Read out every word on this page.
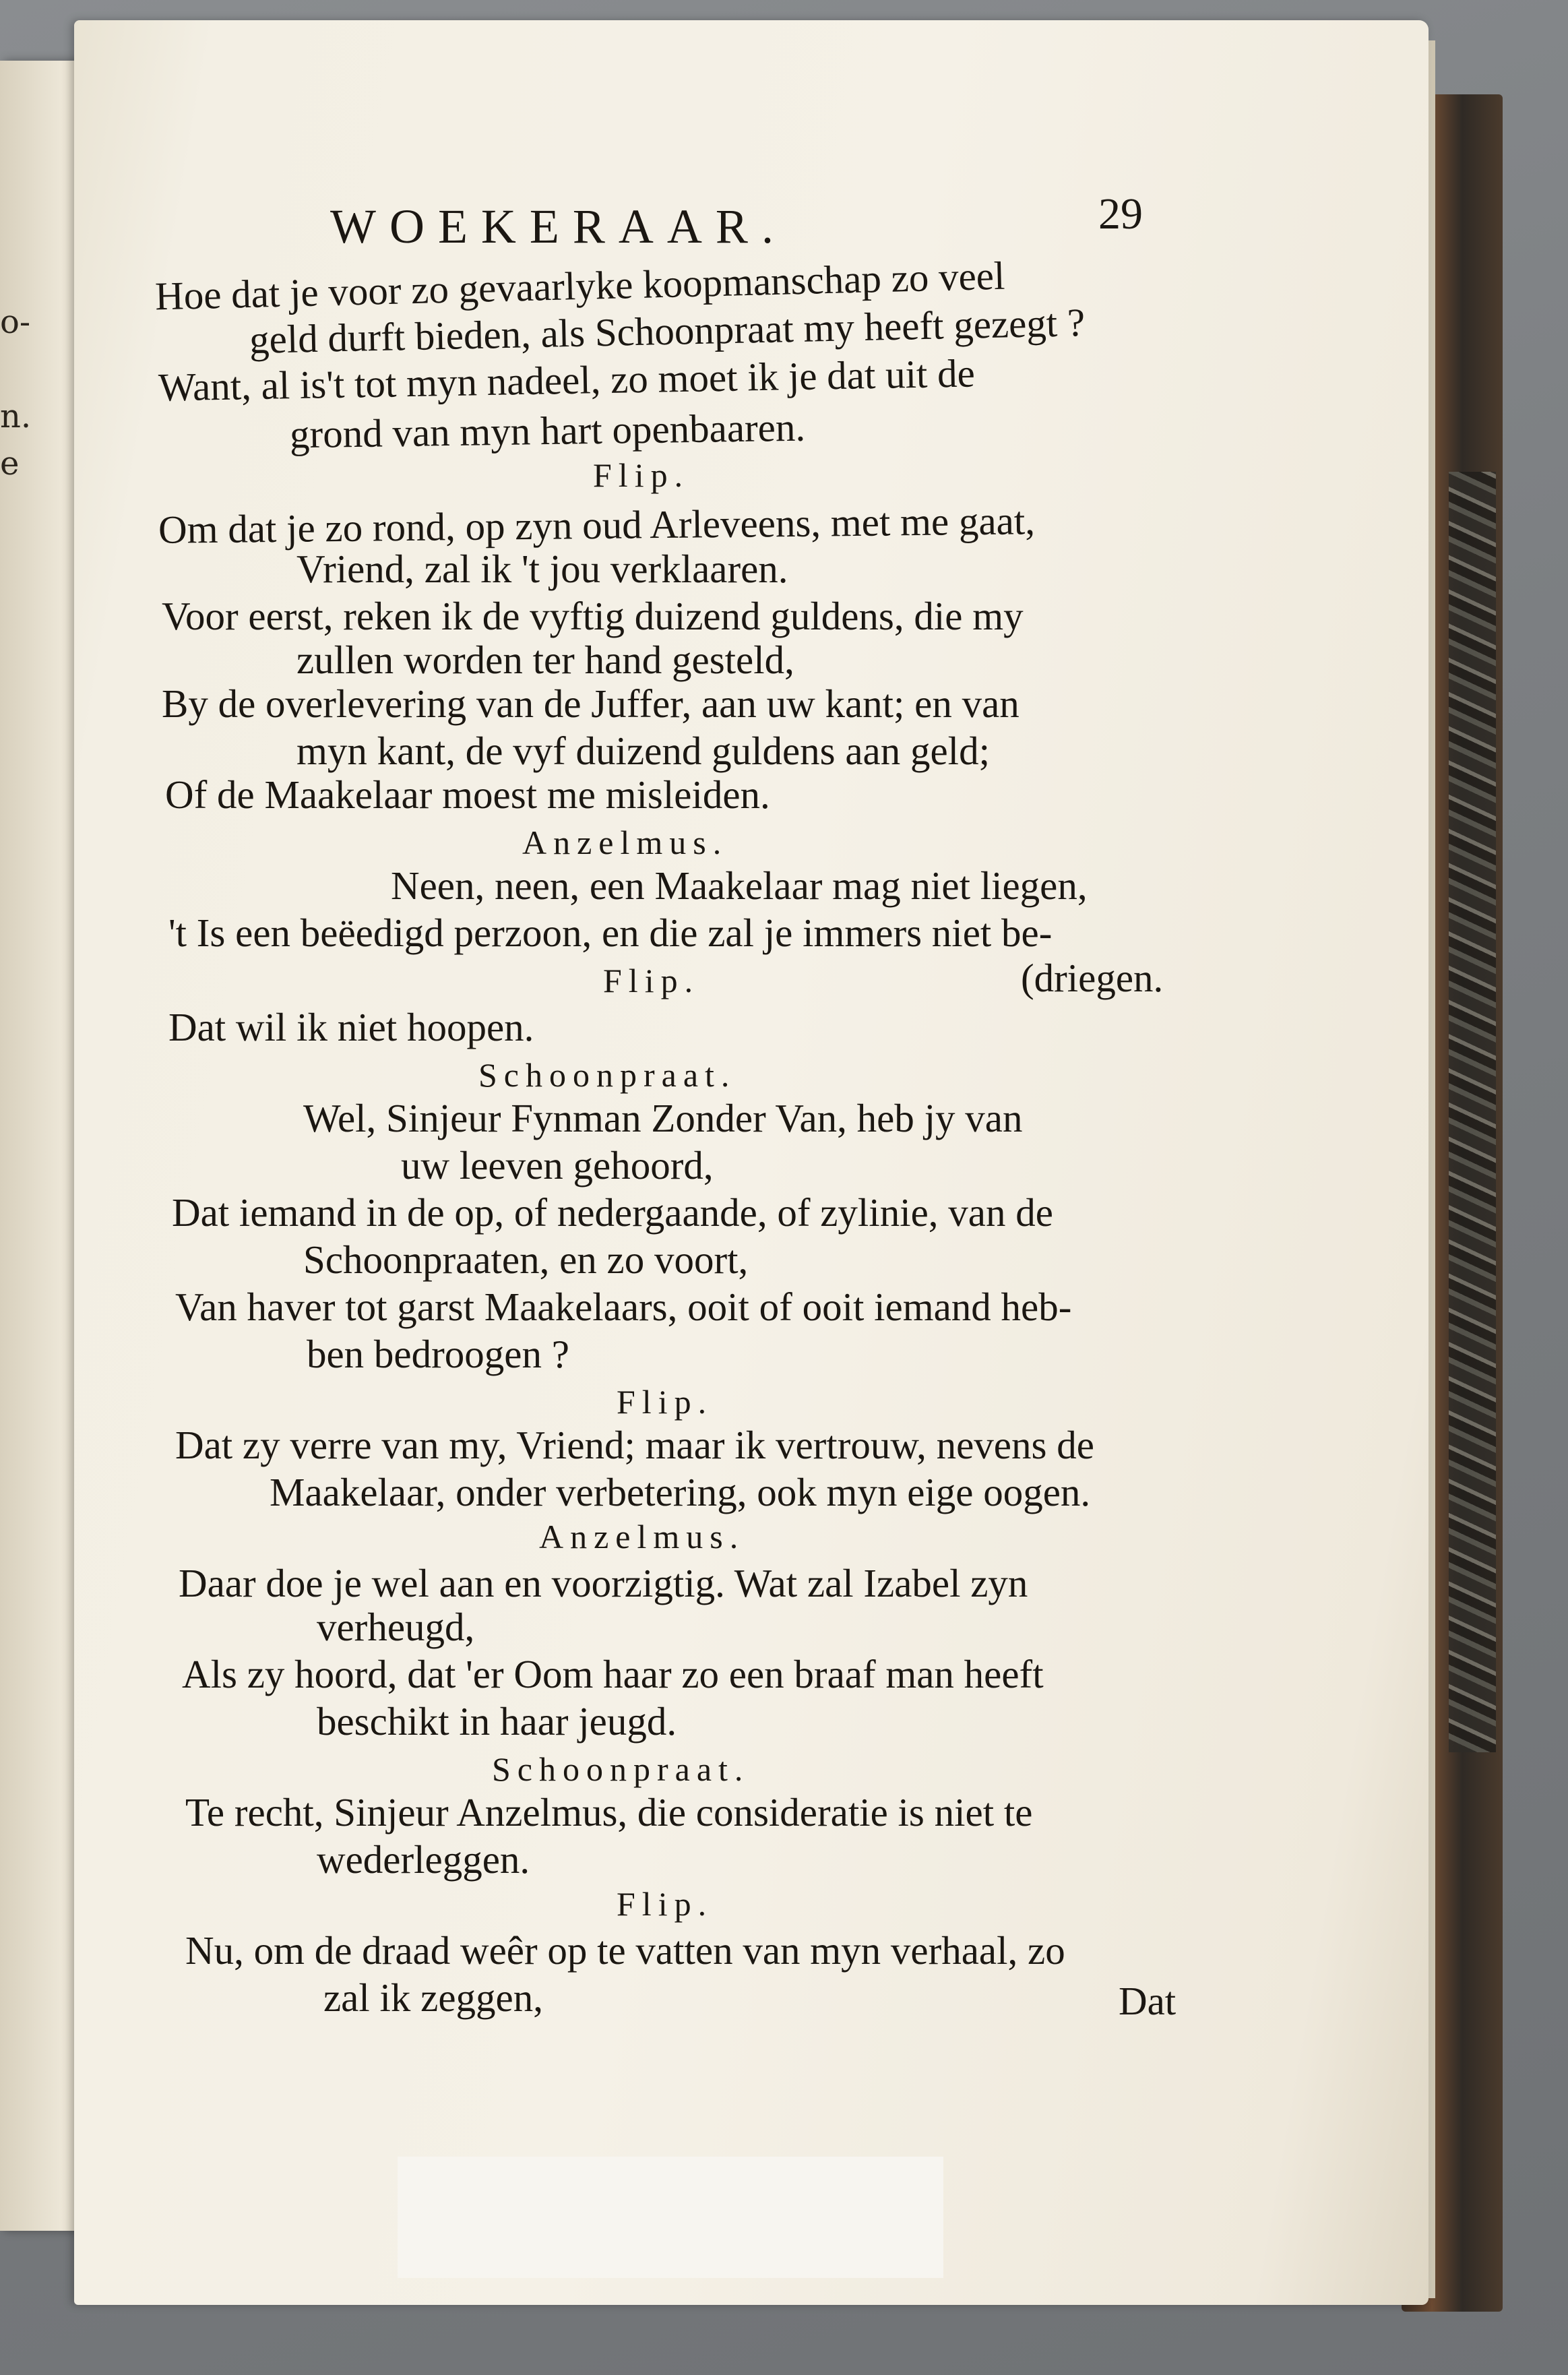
o-
n.
e
WOEKERAAR.	29
Hoe dat je voor zo gevaarlyke koopmanschap zo veel
geld durft bieden, als Schoonpraat my heeft gezegt ?
Want, al is't tot myn nadeel, zo moet ik je dat uit de
grond van myn hart openbaaren.
Flip.
Om dat je zo rond, op zyn oud Arleveens, met me gaat,
Vriend, zal ik 't jou verklaaren.
Voor eerst, reken ik de vyftig duizend guldens, die my
zullen worden ter hand gesteld,
By de overlevering van de Juffer, aan uw kant; en van
myn kant, de vyf duizend guldens aan geld;
Of de Maakelaar moest me misleiden.
Anzelmus.
Neen, neen, een Maakelaar mag niet liegen,
't Is een beëedigd perzoon, en die zal je immers niet be-
Flip.	(driegen.
Dat wil ik niet hoopen.
Schoonpraat.
Wel, Sinjeur Fynman Zonder Van, heb jy van
uw leeven gehoord,
Dat iemand in de op, of nedergaande, of zylinie, van de
Schoonpraaten, en zo voort,
Van haver tot garst Maakelaars, ooit of ooit iemand heb-
ben bedroogen ?
Flip.
Dat zy verre van my, Vriend; maar ik vertrouw, nevens de
Maakelaar, onder verbetering, ook myn eige oogen.
Anzelmus.
Daar doe je wel aan en voorzigtig. Wat zal Izabel zyn
verheugd,
Als zy hoord, dat 'er Oom haar zo een braaf man heeft
beschikt in haar jeugd.
Schoonpraat.
Te recht, Sinjeur Anzelmus, die consideratie is niet te
wederleggen.
Flip.
Nu, om de draad weêr op te vatten van myn verhaal, zo
zal ik zeggen,	Dat
